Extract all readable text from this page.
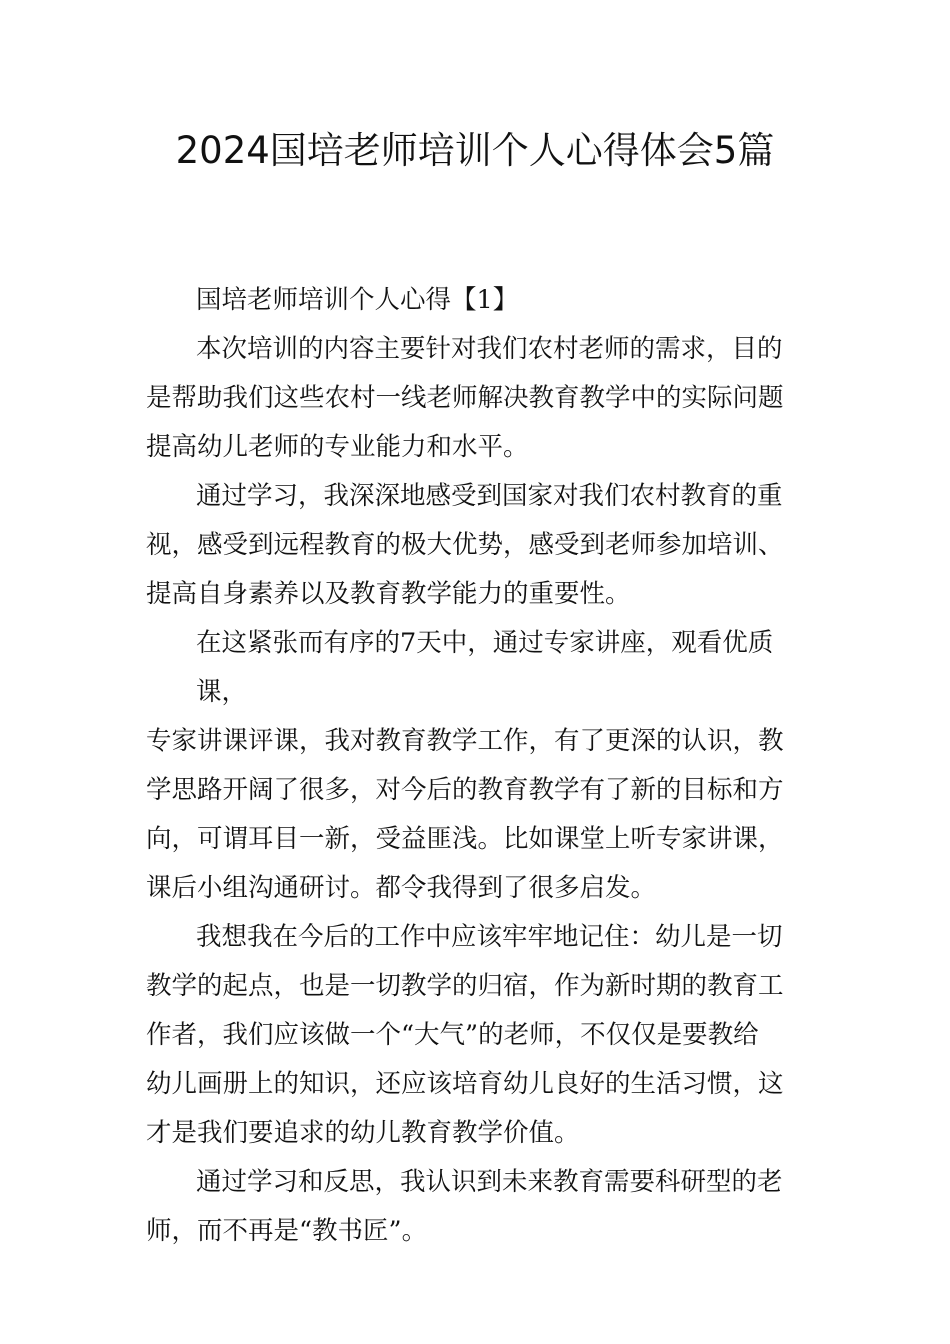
2024国培老师培训个人心得体会5篇

国培老师培训个人心得【1】

本次培训的内容主要针对我们农村老师的需求，目的
是帮助我们这些农村一线老师解决教育教学中的实际问题
提高幼儿老师的专业能力和水平。
通过学习，我深深地感受到国家对我们农村教育的重
视，感受到远程教育的极大优势，感受到老师参加培训、
提高自身素养以及教育教学能力的重要性。
在这紧张而有序的7天中，通过专家讲座，观看优质课，
专家讲课评课，我对教育教学工作，有了更深的认识，教
学思路开阔了很多，对今后的教育教学有了新的目标和方
向，可谓耳目一新，受益匪浅。比如课堂上听专家讲课，
课后小组沟通研讨。都令我得到了很多启发。
我想我在今后的工作中应该牢牢地记住：幼儿是一切
教学的起点，也是一切教学的归宿，作为新时期的教育工
作者，我们应该做一个“大气”的老师，不仅仅是要教给
幼儿画册上的知识，还应该培育幼儿良好的生活习惯，这
才是我们要追求的幼儿教育教学价值。
通过学习和反思，我认识到未来教育需要科研型的老
师，而不再是“教书匠”。
